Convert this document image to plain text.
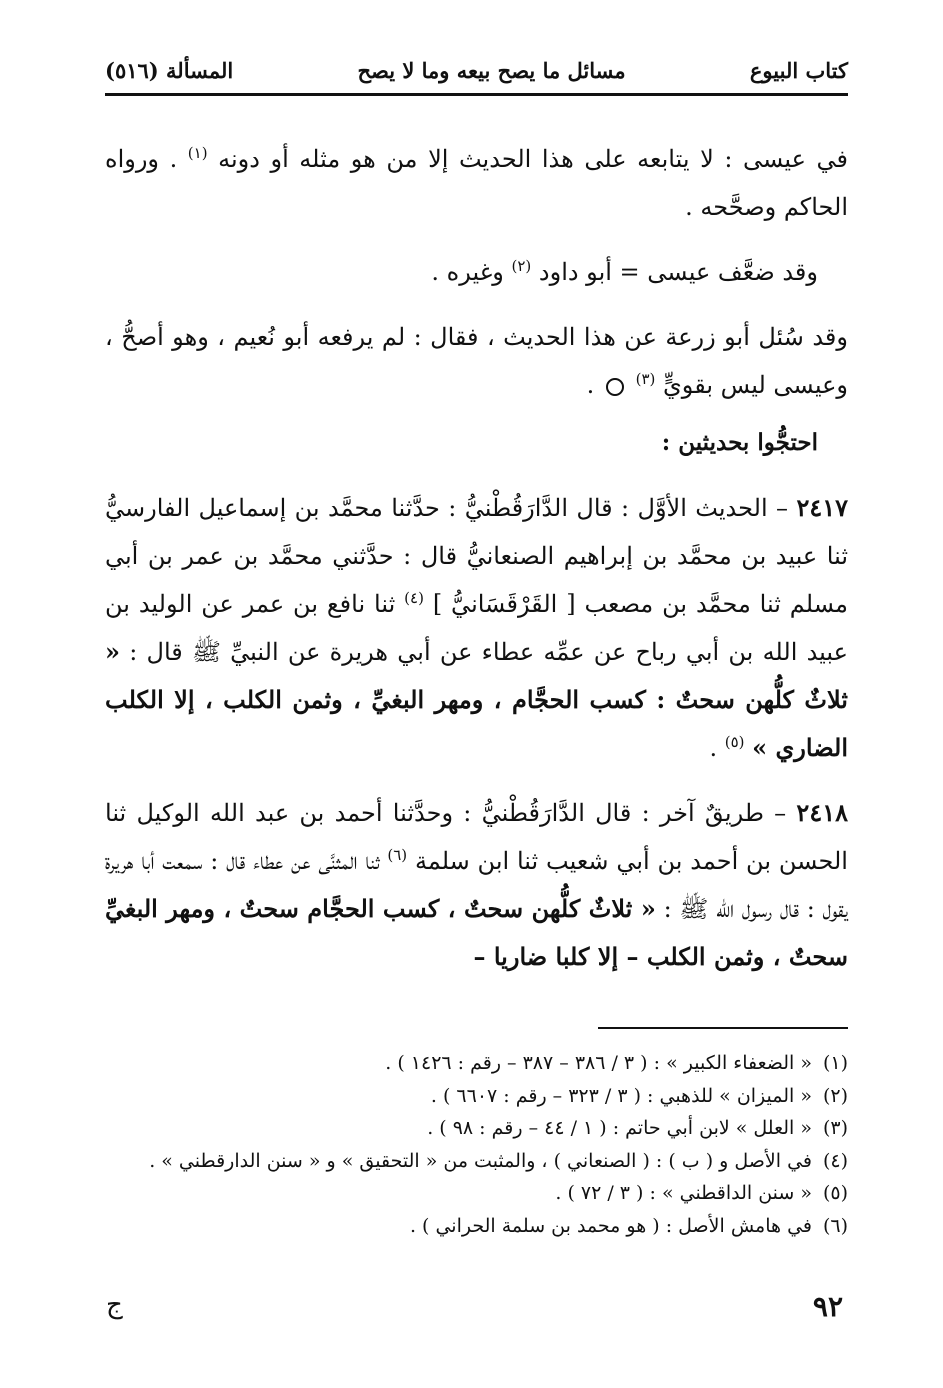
كتاب البيوع
مسائل ما يصح بيعه وما لا يصح
المسألة (٥١٦)

في عيسى : لا يتابعه على هذا الحديث إلا من هو مثله أو دونه $^{(١)}$ . ورواه الحاكم وصحَّحه .

وقد ضعَّف عيسى = أبو داود $^{(٢)}$ وغيره .

وقد سُئل أبو زرعة عن هذا الحديث ، فقال : لم يرفعه أبو نُعيم ، وهو أصحُّ ، وعيسى ليس بقويٍّ $^{(٣)}$  .

احتجُّوا بحديثين :

٢٤١٧ – الحديث الأوَّل : قال الدَّارَقُطْنيُّ : حدَّثنا محمَّد بن إسماعيل الفارسيُّ ثنا عبيد بن محمَّد بن إبراهيم الصنعانيُّ قال : حدَّثني محمَّد بن عمر بن أبي مسلم ثنا محمَّد بن مصعب [ القَرْقَسَانيُّ ] $^{(٤)}$ ثنا نافع بن عمر عن الوليد بن عبيد الله بن أبي رباح عن عمِّه عطاء عن أبي هريرة عن النبيِّ ﷺ قال : « ثلاثٌ كلُّهن سحتٌ : كسب الحجَّام ، ومهر البغيِّ ، وثمن الكلب ، إلا الكلب الضاري » $^{(٥)}$ .

٢٤١٨ – طريقٌ آخر : قال الدَّارَقُطْنيُّ : وحدَّثنا أحمد بن عبد الله الوكيل ثنا الحسن بن أحمد بن أبي شعيب ثنا ابن سلمة $^{(٦)}$ ثنا المثنَّى عن عطاء قال : سمعت أبا هريرة يقول : قال رسول الله ﷺ : « ثلاثٌ كلُّهن سحتٌ ، كسب الحجَّام سحتٌ ، ومهر البغيِّ سحتٌ ، وثمن الكلب – إلا كلبا ضاريا –

(١)« الضعفاء الكبير » : ( ٣ / ٣٨٦ – ٣٨٧ – رقم : ١٤٢٦ ) .
(٢)« الميزان » للذهبي : ( ٣ / ٣٢٣ – رقم : ٦٦٠٧ ) .
(٣)« العلل » لابن أبي حاتم : ( ١ / ٤٤ – رقم : ٩٨ ) .
(٤)في الأصل و ( ب ) : ( الصنعاني ) ، والمثبت من « التحقيق » و « سنن الدارقطني » .
(٥)« سنن الداقطني » : ( ٣ / ٧٢ ) .
(٦)في هامش الأصل : ( هو محمد بن سلمة الحراني ) .
٩٢
ج
